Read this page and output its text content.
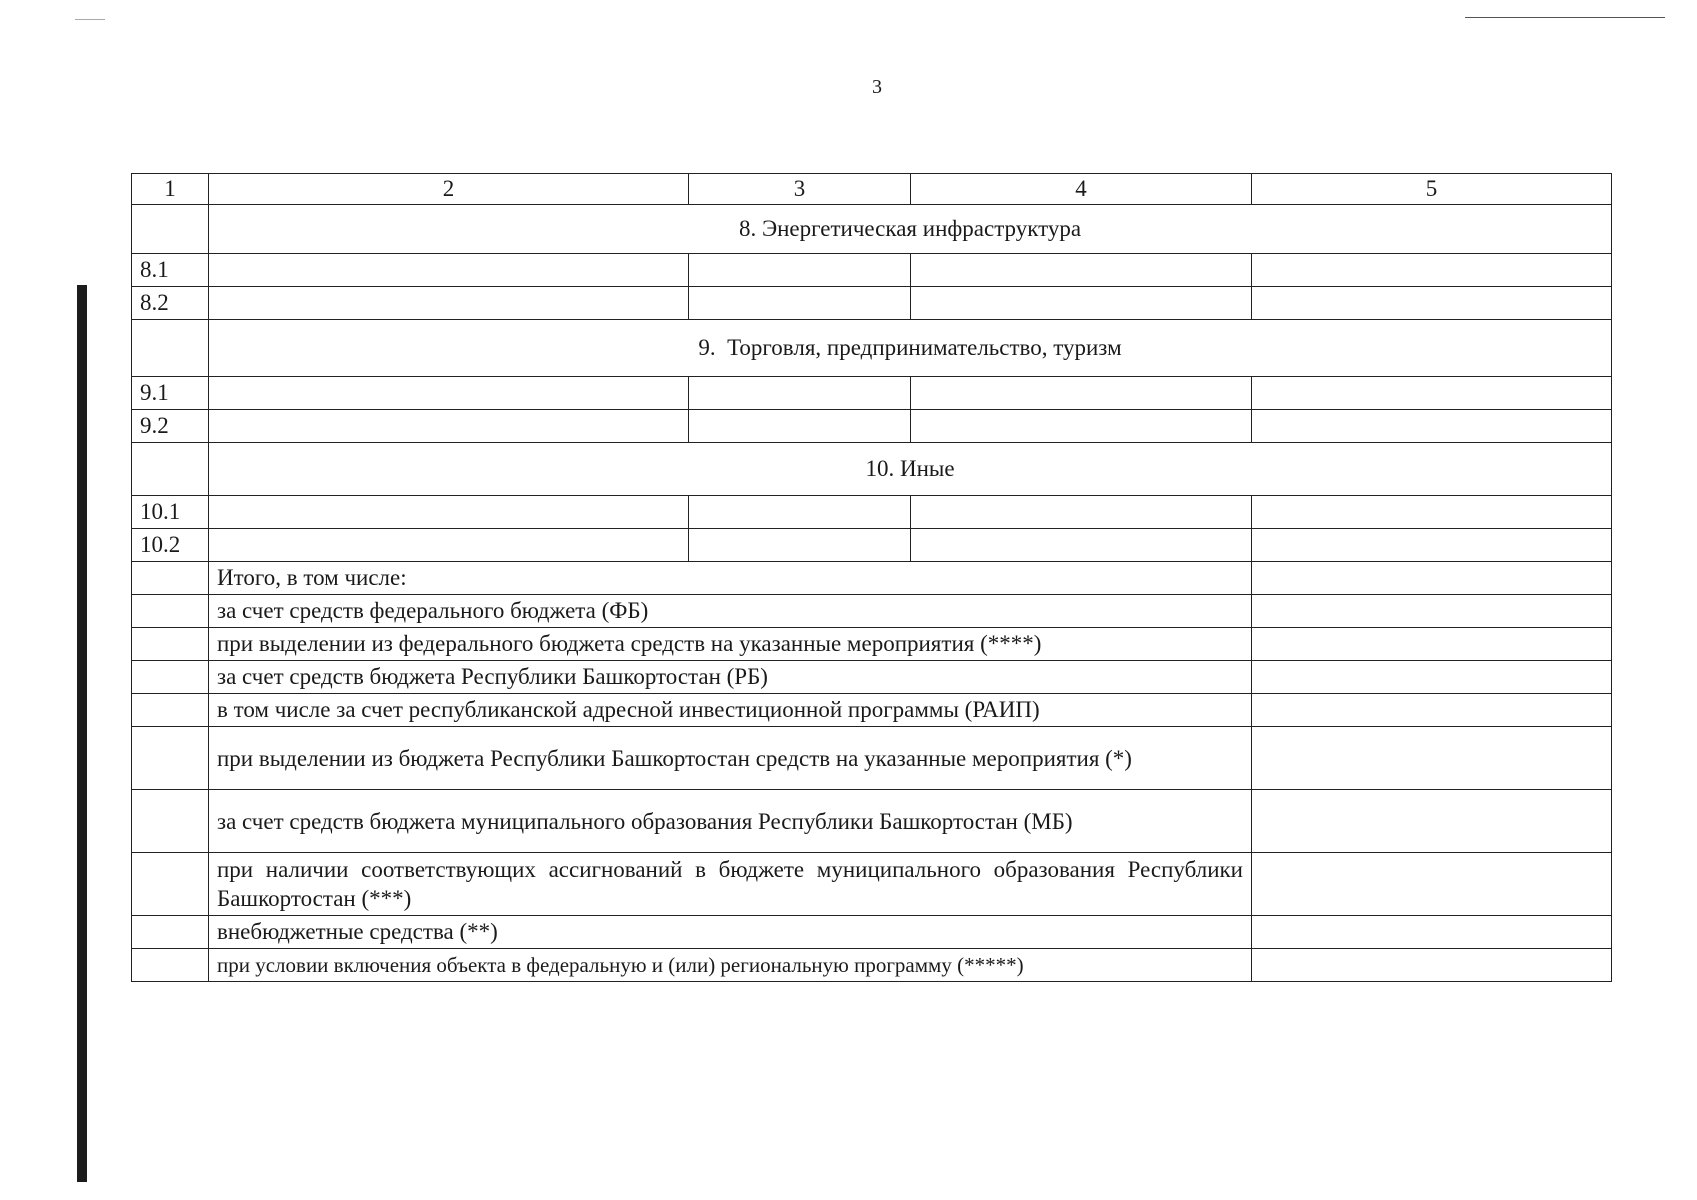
3
1	2	3	4	5
	8. Энергетическая инфраструктура			
8.1				
8.2				
	9.  Торговля, предпринимательство, туризм			
9.1				
9.2				
	10. Иные			
10.1				
10.2				
	Итого, в том числе:			
	за счет средств федерального бюджета (ФБ)			
	при выделении из федерального бюджета средств на указанные мероприятия (****)			
	за счет средств бюджета Республики Башкортостан (РБ)			
	в том числе за счет республиканской адресной инвестиционной программы (РАИП)			
	при выделении из бюджета Республики Башкортостан средств на указанные мероприятия (*)			
	за счет средств бюджета муниципального образования Республики Башкортостан (МБ)			
	при наличии соответствующих ассигнований в бюджете муниципального образования Республики Башкортостан (***)			
	внебюджетные средства (**)			
	при условии включения объекта в федеральную и (или) региональную программу (*****)			
